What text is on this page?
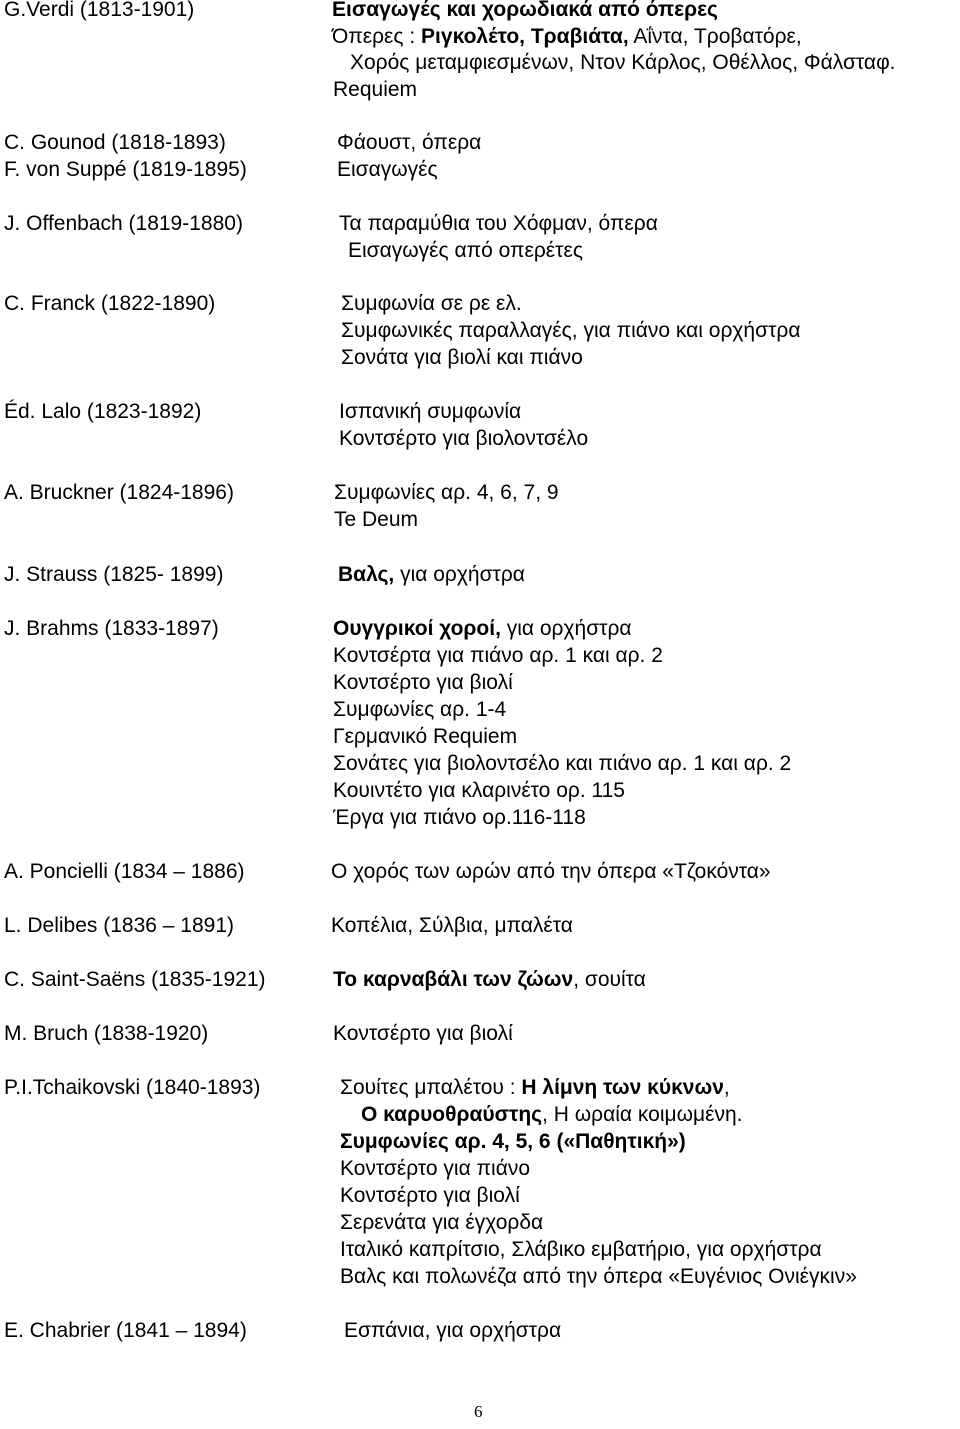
G.Verdi (1813-1901)	Εισαγωγές και χορωδιακά από όπερες
Όπερες : Ριγκολέτο, Τραβιάτα, Αΐντα, Τροβατόρε,
Χορός μεταμφιεσμένων, Ντον Κάρλος, Οθέλλος, Φάλσταφ.
Requiem
C. Gounod (1818-1893)	Φάουστ, όπερα
F. von Suppé (1819-1895)	Εισαγωγές
J. Offenbach (1819-1880)	Τα παραμύθια του Χόφμαν, όπερα
Εισαγωγές από οπερέτες
C. Franck (1822-1890)	Συμφωνία σε ρε ελ.
Συμφωνικές παραλλαγές, για πιάνο και ορχήστρα
Σονάτα για βιολί και πιάνο
Éd. Lalo (1823-1892)	Ισπανική συμφωνία
Κοντσέρτο για βιολοντσέλο
A. Bruckner (1824-1896)	Συμφωνίες αρ. 4, 6, 7, 9
Te Deum
J. Strauss (1825- 1899)	Βαλς, για ορχήστρα
J. Brahms (1833-1897)	Ουγγρικοί χοροί, για ορχήστρα
Κοντσέρτα για πιάνο αρ. 1 και αρ. 2
Κοντσέρτο για βιολί
Συμφωνίες αρ. 1-4
Γερμανικό Requiem
Σονάτες για βιολοντσέλο και πιάνο αρ. 1 και αρ. 2
Κουιντέτο για κλαρινέτο ορ. 115
Έργα για πιάνο ορ.116-118
A. Poncielli (1834 – 1886)	Ο χορός των ωρών από την όπερα «Τζοκόντα»
L. Delibes (1836 – 1891)	Κοπέλια, Σύλβια, μπαλέτα
C. Saint-Saëns (1835-1921)	Το καρναβάλι των ζώων, σουίτα
M. Bruch (1838-1920)	Κοντσέρτο για βιολί
P.I.Tchaikovski (1840-1893)	Σουίτες μπαλέτου : Η λίμνη των κύκνων,
Ο καρυοθραύστης, Η ωραία κοιμωμένη.
Συμφωνίες αρ. 4, 5, 6 («Παθητική»)
Κοντσέρτο για πιάνο
Κοντσέρτο για βιολί
Σερενάτα για έγχορδα
Ιταλικό καπρίτσιο, Σλάβικο εμβατήριο, για ορχήστρα
Βαλς και πολωνέζα από την όπερα «Ευγένιος Ονιέγκιν»
E. Chabrier (1841 – 1894)	Εσπάνια, για ορχήστρα
6
